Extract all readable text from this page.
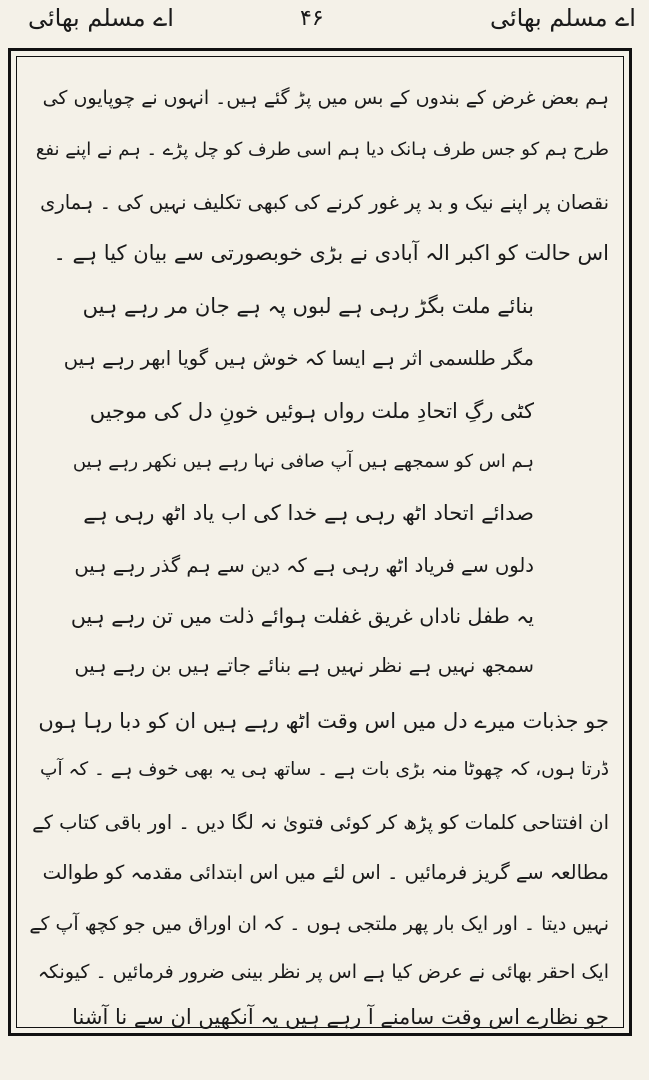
اے مسلم بھائی	۴۶	اے مسلم بھائی
ہم بعض غرض کے بندوں کے بس میں پڑ گئے ہیں۔ انہوں نے چوپایوں کی
طرح ہم کو جس طرف ہانک دیا ہم اسی طرف کو چل پڑے ۔ ہم نے اپنے نفع
نقصان پر اپنے نیک و بد پر غور کرنے کی کبھی تکلیف نہیں کی ۔ ہماری
اس حالت کو اکبر الہ آبادی نے بڑی خوبصورتی سے بیان کیا ہے ۔
بنائے ملت بگڑ رہی ہے لبوں پہ ہے جان مر رہے ہیں
مگر طلسمی اثر ہے ایسا کہ خوش ہیں گویا ابھر رہے ہیں
کٹی رگِ اتحادِ ملت رواں ہوئیں خونِ دل کی موجیں
ہم اس کو سمجھے ہیں آپ صافی نہا رہے ہیں نکھر رہے ہیں
صدائے اتحاد اٹھ رہی ہے خدا کی اب یاد اٹھ رہی ہے
دلوں سے فریاد اٹھ رہی ہے کہ دین سے ہم گذر رہے ہیں
یہ طفل ناداں غریق غفلت ہوائے ذلت میں تن رہے ہیں
سمجھ نہیں ہے نظر نہیں ہے بنائے جاتے ہیں بن رہے ہیں
جو جذبات میرے دل میں اس وقت اٹھ رہے ہیں ان کو دبا رہا ہوں
ڈرتا ہوں، کہ چھوٹا منہ بڑی بات ہے ۔ ساتھ ہی یہ بھی خوف ہے ۔ کہ آپ
ان افتتاحی کلمات کو پڑھ کر کوئی فتویٰ نہ لگا دیں ۔ اور باقی کتاب کے
مطالعہ سے گریز فرمائیں ۔ اس لئے میں اس ابتدائی مقدمہ کو طوالت
نہیں دیتا ۔ اور ایک بار پھر ملتجی ہوں ۔ کہ ان اوراق میں جو کچھ آپ کے
ایک احقر بھائی نے عرض کیا ہے اس پر نظر بینی ضرور فرمائیں ۔ کیونکہ
جو نظارے اس وقت سامنے آ رہے ہیں یہ آنکھیں ان سے نا آشنا
